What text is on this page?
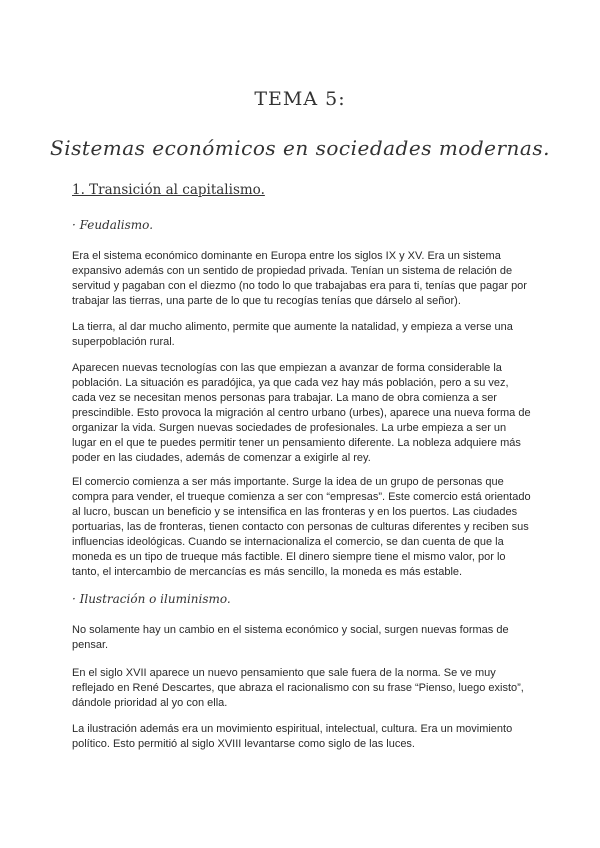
TEMA 5:
Sistemas económicos en sociedades modernas.
1. Transición al capitalismo.
· Feudalismo.

Era el sistema económico dominante en Europa entre los siglos IX y XV. Era un sistema expansivo además con un sentido de propiedad privada. Tenían un sistema de relación de servitud y pagaban con el diezmo (no todo lo que trabajabas era para ti, tenías que pagar por trabajar las tierras, una parte de lo que tu recogías tenías que dárselo al señor).

La tierra, al dar mucho alimento, permite que aumente la natalidad, y empieza a verse una superpoblación rural.

Aparecen nuevas tecnologías con las que empiezan a avanzar de forma considerable la población. La situación es paradójica, ya que cada vez hay más población, pero a su vez, cada vez se necesitan menos personas para trabajar. La mano de obra comienza a ser prescindible. Esto provoca la migración al centro urbano (urbes), aparece una nueva forma de organizar la vida. Surgen nuevas sociedades de profesionales. La urbe empieza a ser un lugar en el que te puedes permitir tener un pensamiento diferente. La nobleza adquiere más poder en las ciudades, además de comenzar a exigirle al rey.

El comercio comienza a ser más importante. Surge la idea de un grupo de personas que compra para vender, el trueque comienza a ser con “empresas”. Este comercio está orientado al lucro, buscan un beneficio y se intensifica en las fronteras y en los puertos. Las ciudades portuarias, las de fronteras, tienen contacto con personas de culturas diferentes y reciben sus influencias ideológicas. Cuando se internacionaliza el comercio, se dan cuenta de que la moneda es un tipo de trueque más factible. El dinero siempre tiene el mismo valor, por lo tanto, el intercambio de mercancías es más sencillo, la moneda es más estable.

· Ilustración o iluminismo.

No solamente hay un cambio en el sistema económico y social, surgen nuevas formas de pensar.

En el siglo XVII aparece un nuevo pensamiento que sale fuera de la norma. Se ve muy reflejado en René Descartes, que abraza el racionalismo con su frase “Pienso, luego existo”, dándole prioridad al yo con ella.

La ilustración además era un movimiento espiritual, intelectual, cultura. Era un movimiento político. Esto permitió al siglo XVIII levantarse como siglo de las luces.
